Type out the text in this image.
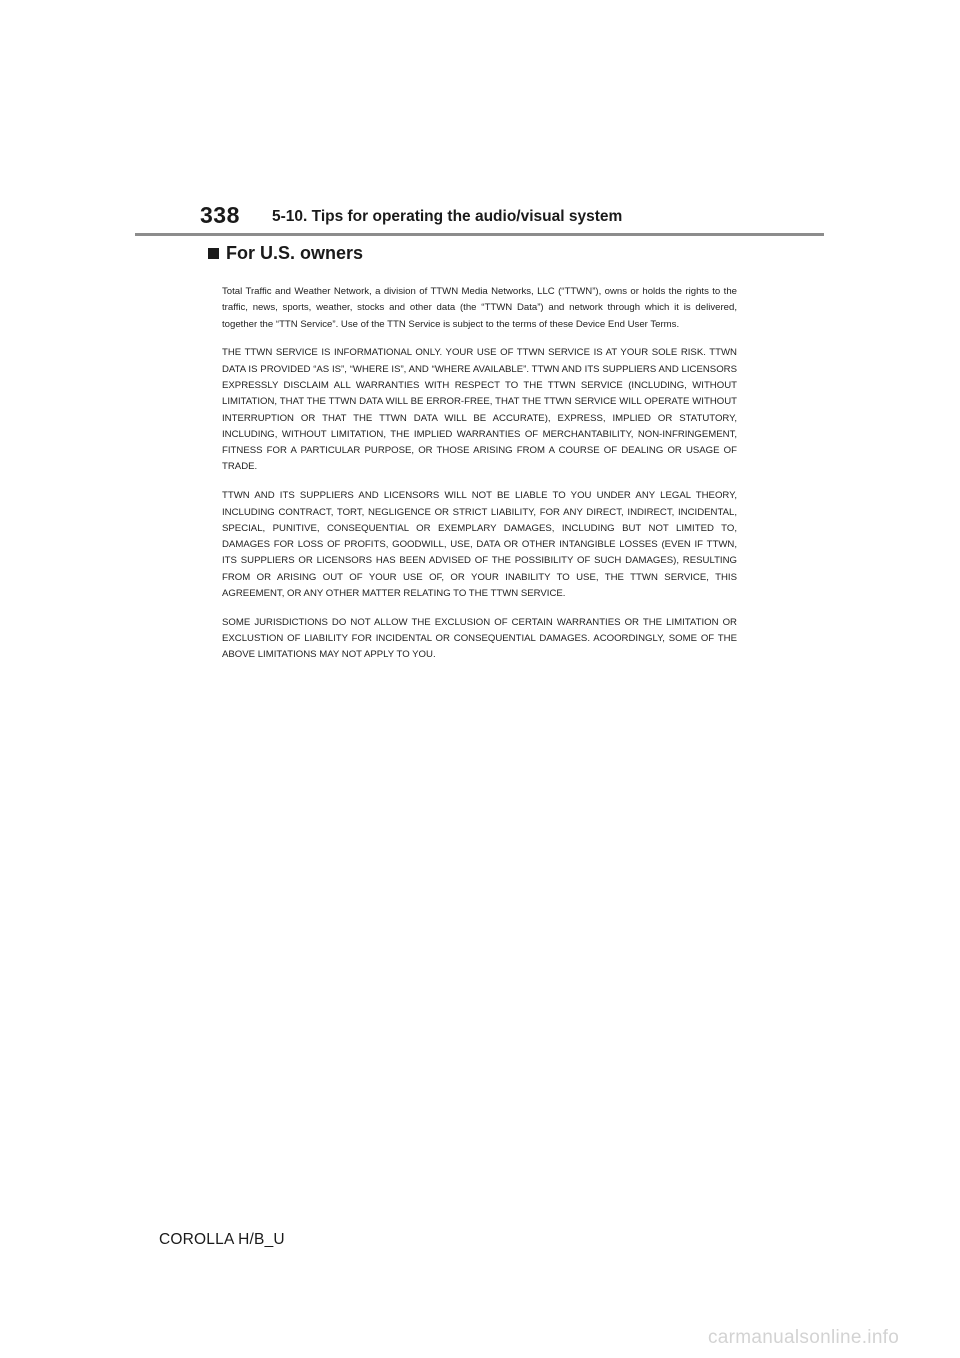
338 5-10. Tips for operating the audio/visual system
For U.S. owners

Total Traffic and Weather Network, a division of TTWN Media Networks, LLC (“TTWN”), owns or holds the rights to the traffic, news, sports, weather, stocks and other data (the “TTWN Data”) and network through which it is delivered, together the “TTN Service”. Use of the TTN Service is subject to the terms of these Device End User Terms.

THE TTWN SERVICE IS INFORMATIONAL ONLY. YOUR USE OF TTWN SERVICE IS AT YOUR SOLE RISK. TTWN DATA IS PROVIDED “AS IS”, “WHERE IS”, AND “WHERE AVAILABLE”. TTWN AND ITS SUPPLIERS AND LICENSORS EXPRESSLY DISCLAIM ALL WARRANTIES WITH RESPECT TO THE TTWN SERVICE (INCLUDING, WITHOUT LIMITATION, THAT THE TTWN DATA WILL BE ERROR-FREE, THAT THE TTWN SERVICE WILL OPERATE WITHOUT INTERRUPTION OR THAT THE TTWN DATA WILL BE ACCURATE), EXPRESS, IMPLIED OR STATUTORY, INCLUDING, WITHOUT LIMITATION, THE IMPLIED WARRANTIES OF MERCHANTABILITY, NON-INFRINGEMENT, FITNESS FOR A PARTICULAR PURPOSE, OR THOSE ARISING FROM A COURSE OF DEALING OR USAGE OF TRADE.

TTWN AND ITS SUPPLIERS AND LICENSORS WILL NOT BE LIABLE TO YOU UNDER ANY LEGAL THEORY, INCLUDING CONTRACT, TORT, NEGLIGENCE OR STRICT LIABILITY, FOR ANY DIRECT, INDIRECT, INCIDENTAL, SPECIAL, PUNITIVE, CONSEQUENTIAL OR EXEMPLARY DAMAGES, INCLUDING BUT NOT LIMITED TO, DAMAGES FOR LOSS OF PROFITS, GOODWILL, USE, DATA OR OTHER INTANGIBLE LOSSES (EVEN IF TTWN, ITS SUPPLIERS OR LICENSORS HAS BEEN ADVISED OF THE POSSIBILITY OF SUCH DAMAGES), RESULTING FROM OR ARISING OUT OF YOUR USE OF, OR YOUR INABILITY TO USE, THE TTWN SERVICE, THIS AGREEMENT, OR ANY OTHER MATTER RELATING TO THE TTWN SERVICE.

SOME JURISDICTIONS DO NOT ALLOW THE EXCLUSION OF CERTAIN WARRANTIES OR THE LIMITATION OR EXCLUSTION OF LIABILITY FOR INCIDENTAL OR CONSEQUENTIAL DAMAGES. ACOORDINGLY, SOME OF THE ABOVE LIMITATIONS MAY NOT APPLY TO YOU.

COROLLA H/B_U
carmanualsonline.info
